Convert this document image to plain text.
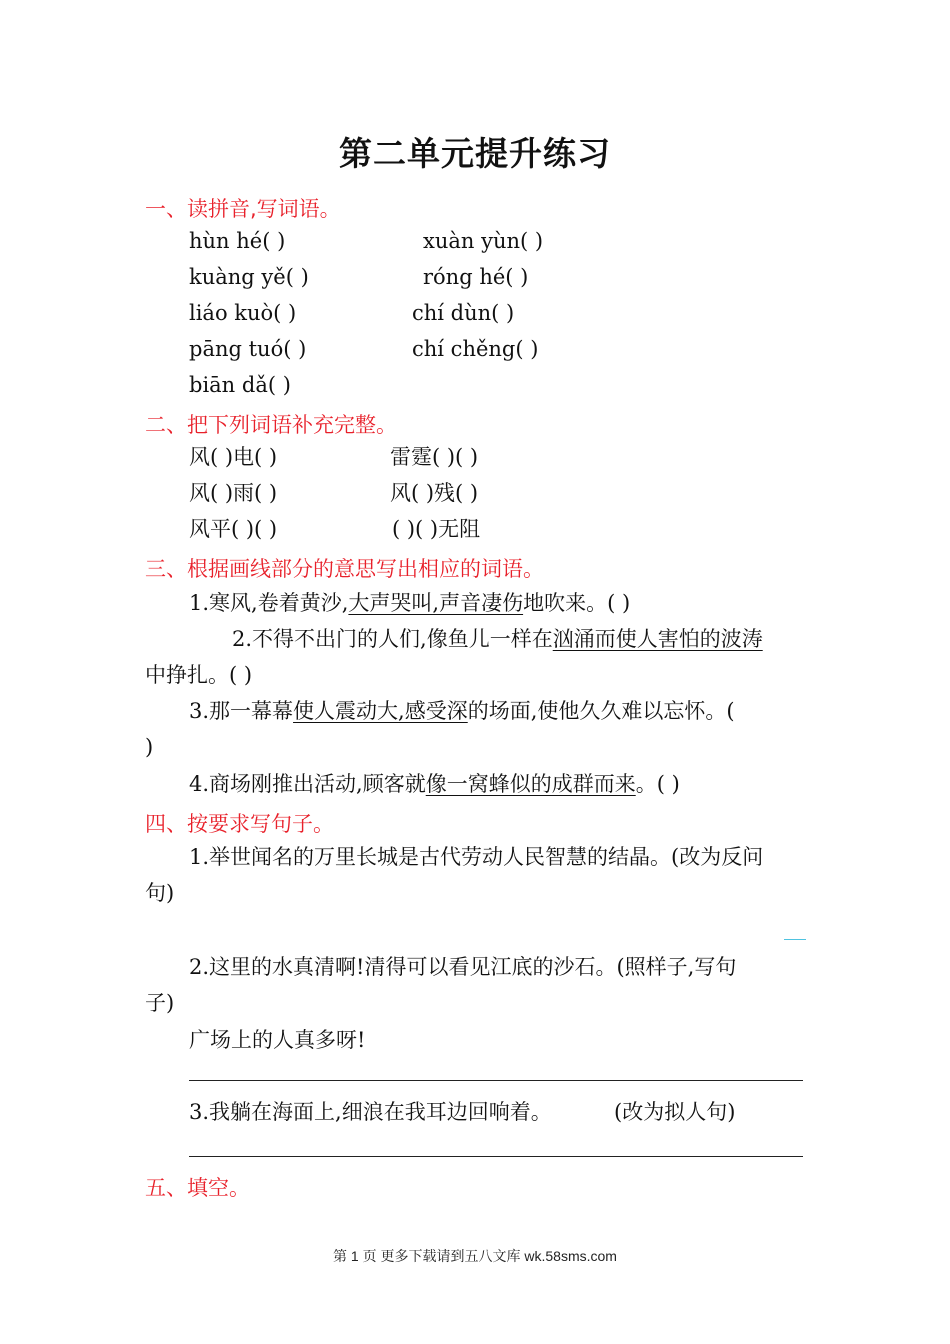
第二单元提升练习
一、读拼音,写词语。
hùn hé( )	xuàn yùn( )
kuàng yě( )	róng hé( )
liáo kuò( )	chí dùn( )
pāng tuó( )	chí chěng( )
biān dǎ( )
二、把下列词语补充完整。
风( )电( )	雷霆( )( )
风( )雨( )	风( )残( )
风平( )( )	( )( )无阻
三、根据画线部分的意思写出相应的词语。
1.寒风,卷着黄沙,大声哭叫,声音凄伤地吹来。( )
2.不得不出门的人们,像鱼儿一样在汹涌而使人害怕的波涛
中挣扎。( )
3.那一幕幕使人震动大,感受深的场面,使他久久难以忘怀。(
)
4.商场刚推出活动,顾客就像一窝蜂似的成群而来。( )
四、按要求写句子。
1.举世闻名的万里长城是古代劳动人民智慧的结晶。(改为反问
句)
2.这里的水真清啊!清得可以看见江底的沙石。(照样子,写句
子)
广场上的人真多呀!
3.我躺在海面上,细浪在我耳边回响着。	(改为拟人句)
五、填空。
第 1 页 更多下载请到五八文库 wk.58sms.com
